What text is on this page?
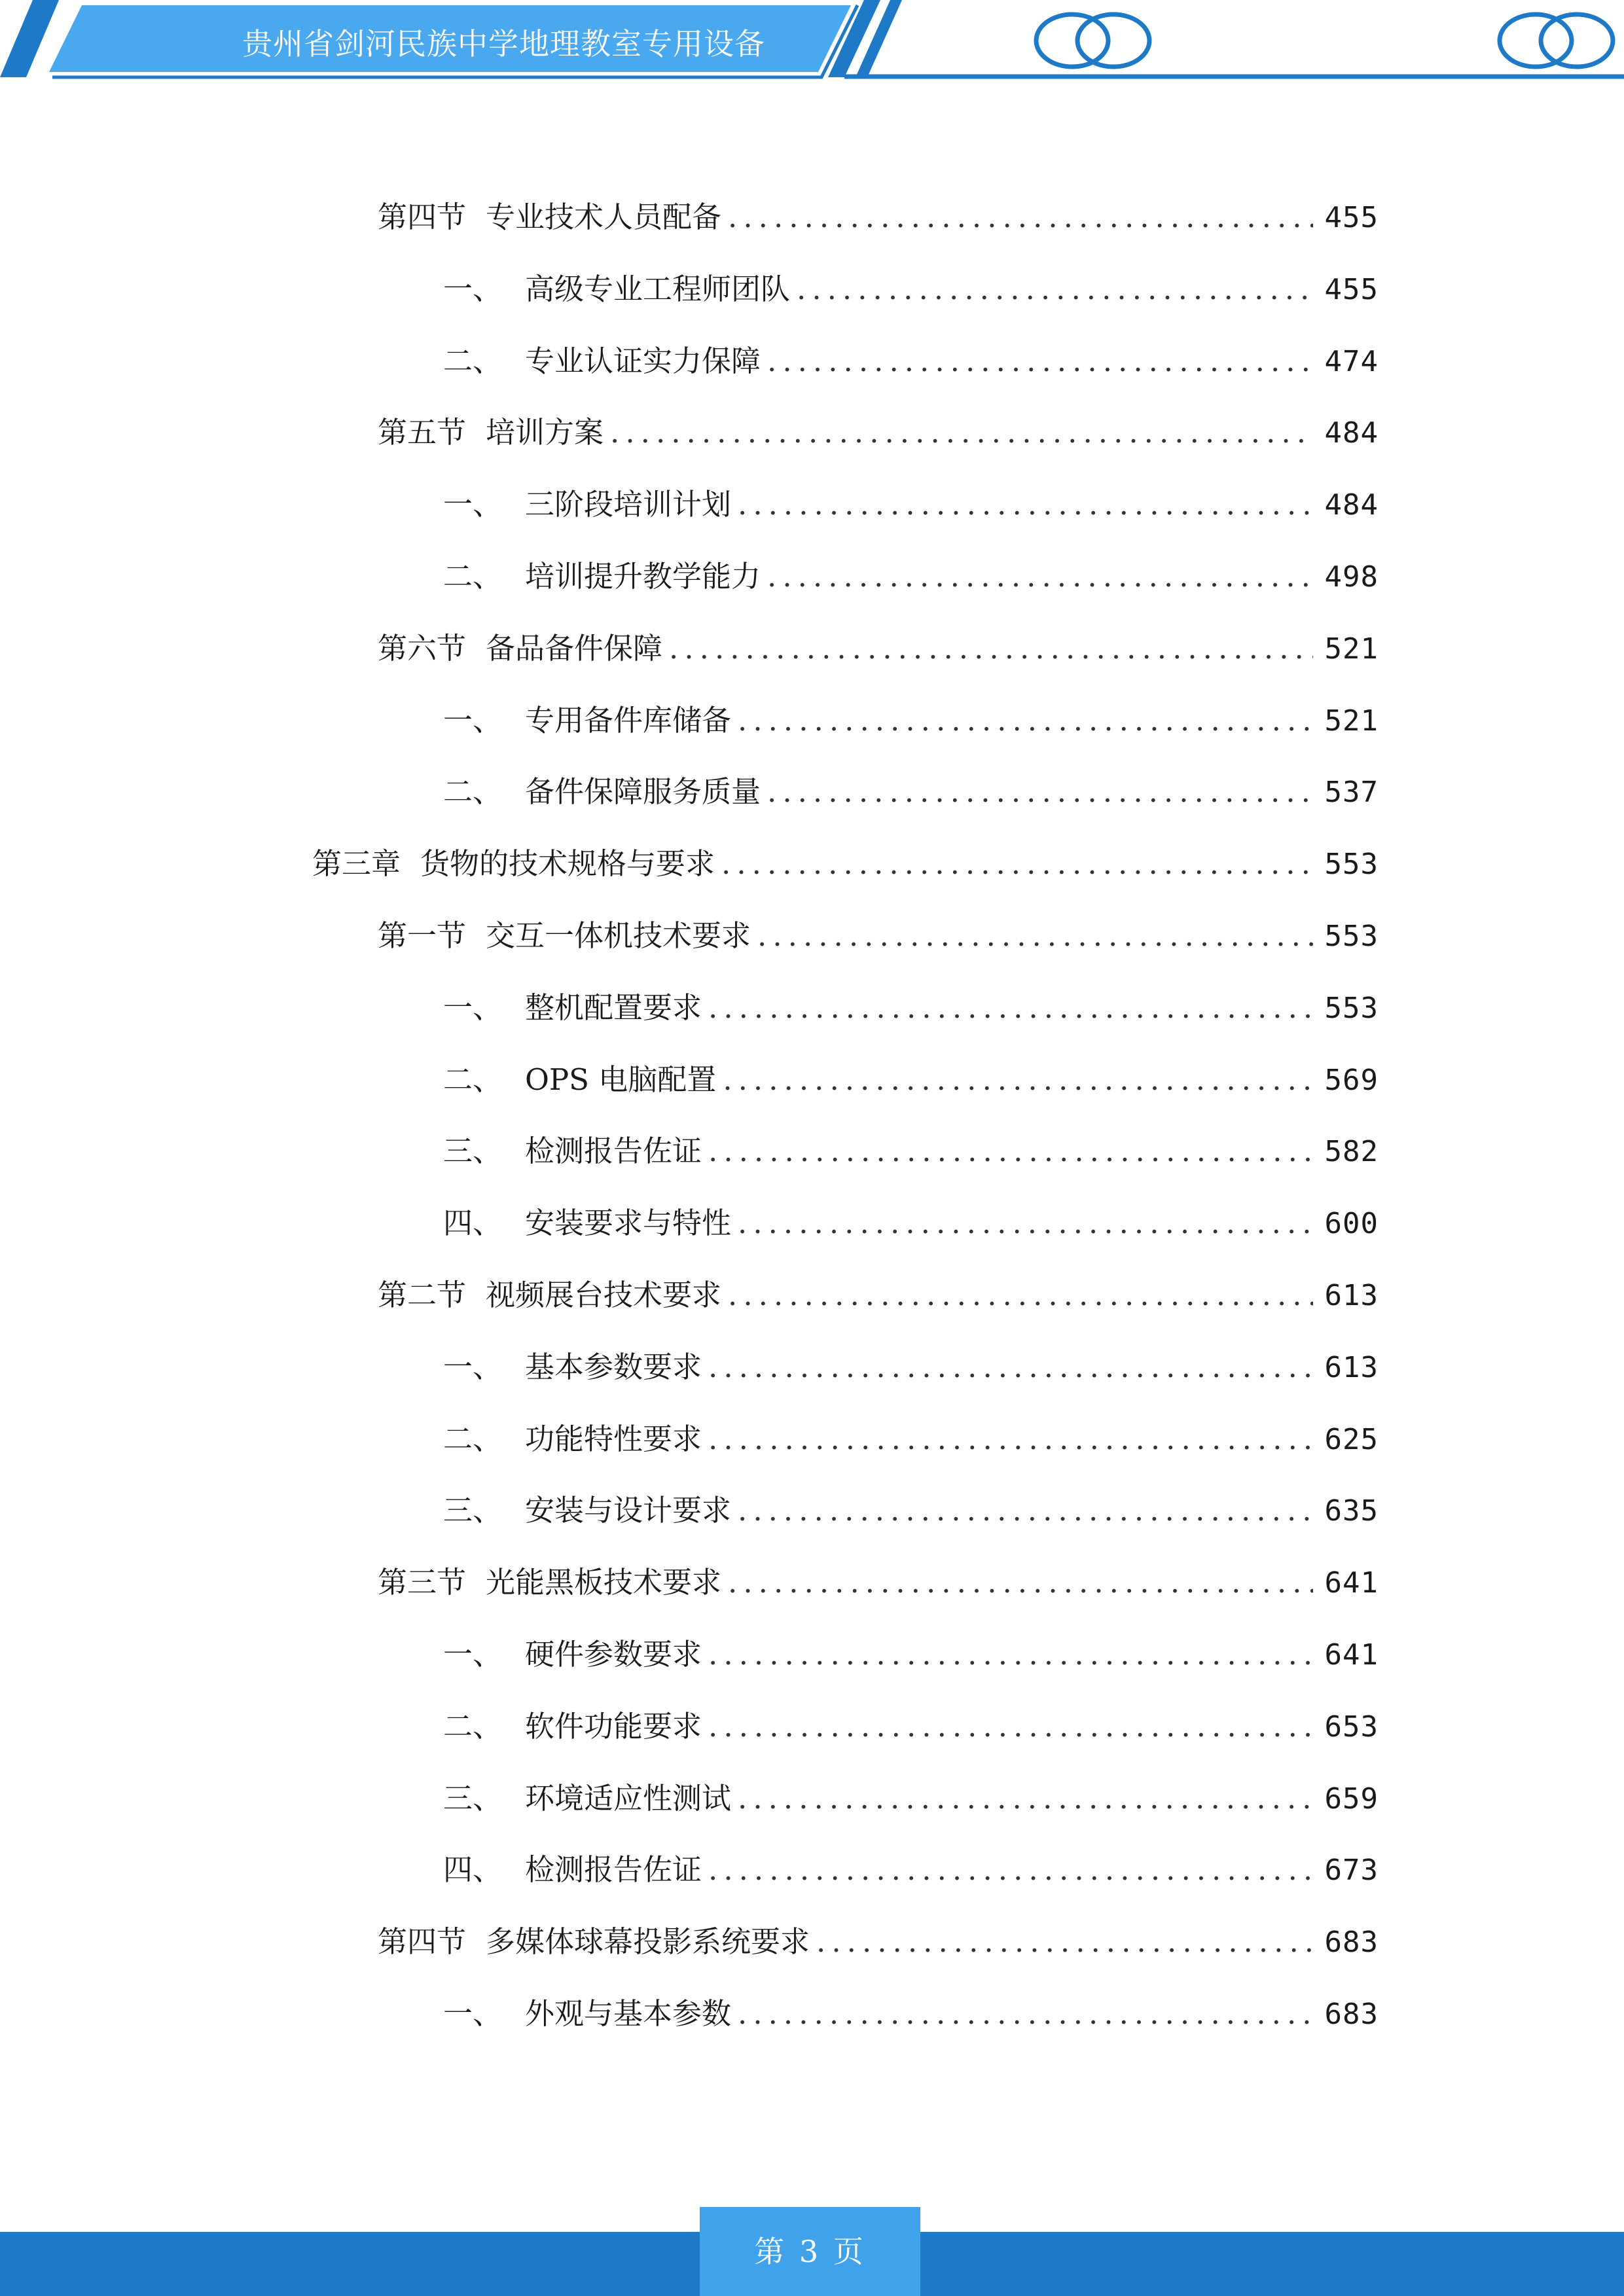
贵州省剑河民族中学地理教室专用设备
第四节 专业技术人员配备 .....	455
一、 高级专业工程师团队 .....	455
二、 专业认证实力保障 .....	474
第五节 培训方案 .....	484
一、 三阶段培训计划 .....	484
二、 培训提升教学能力 .....	498
第六节 备品备件保障 .....	521
一、 专用备件库储备 .....	521
二、 备件保障服务质量 .....	537
第三章 货物的技术规格与要求 .....	553
第一节 交互一体机技术要求 .....	553
一、 整机配置要求 .....	553
二、 OPS 电脑配置 .....	569
三、 检测报告佐证 .....	582
四、 安装要求与特性 .....	600
第二节 视频展台技术要求 .....	613
一、 基本参数要求 .....	613
二、 功能特性要求 .....	625
三、 安装与设计要求 .....	635
第三节 光能黑板技术要求 .....	641
一、 硬件参数要求 .....	641
二、 软件功能要求 .....	653
三、 环境适应性测试 .....	659
四、 检测报告佐证 .....	673
第四节 多媒体球幕投影系统要求 .....	683
一、 外观与基本参数 .....	683
第 3 页
